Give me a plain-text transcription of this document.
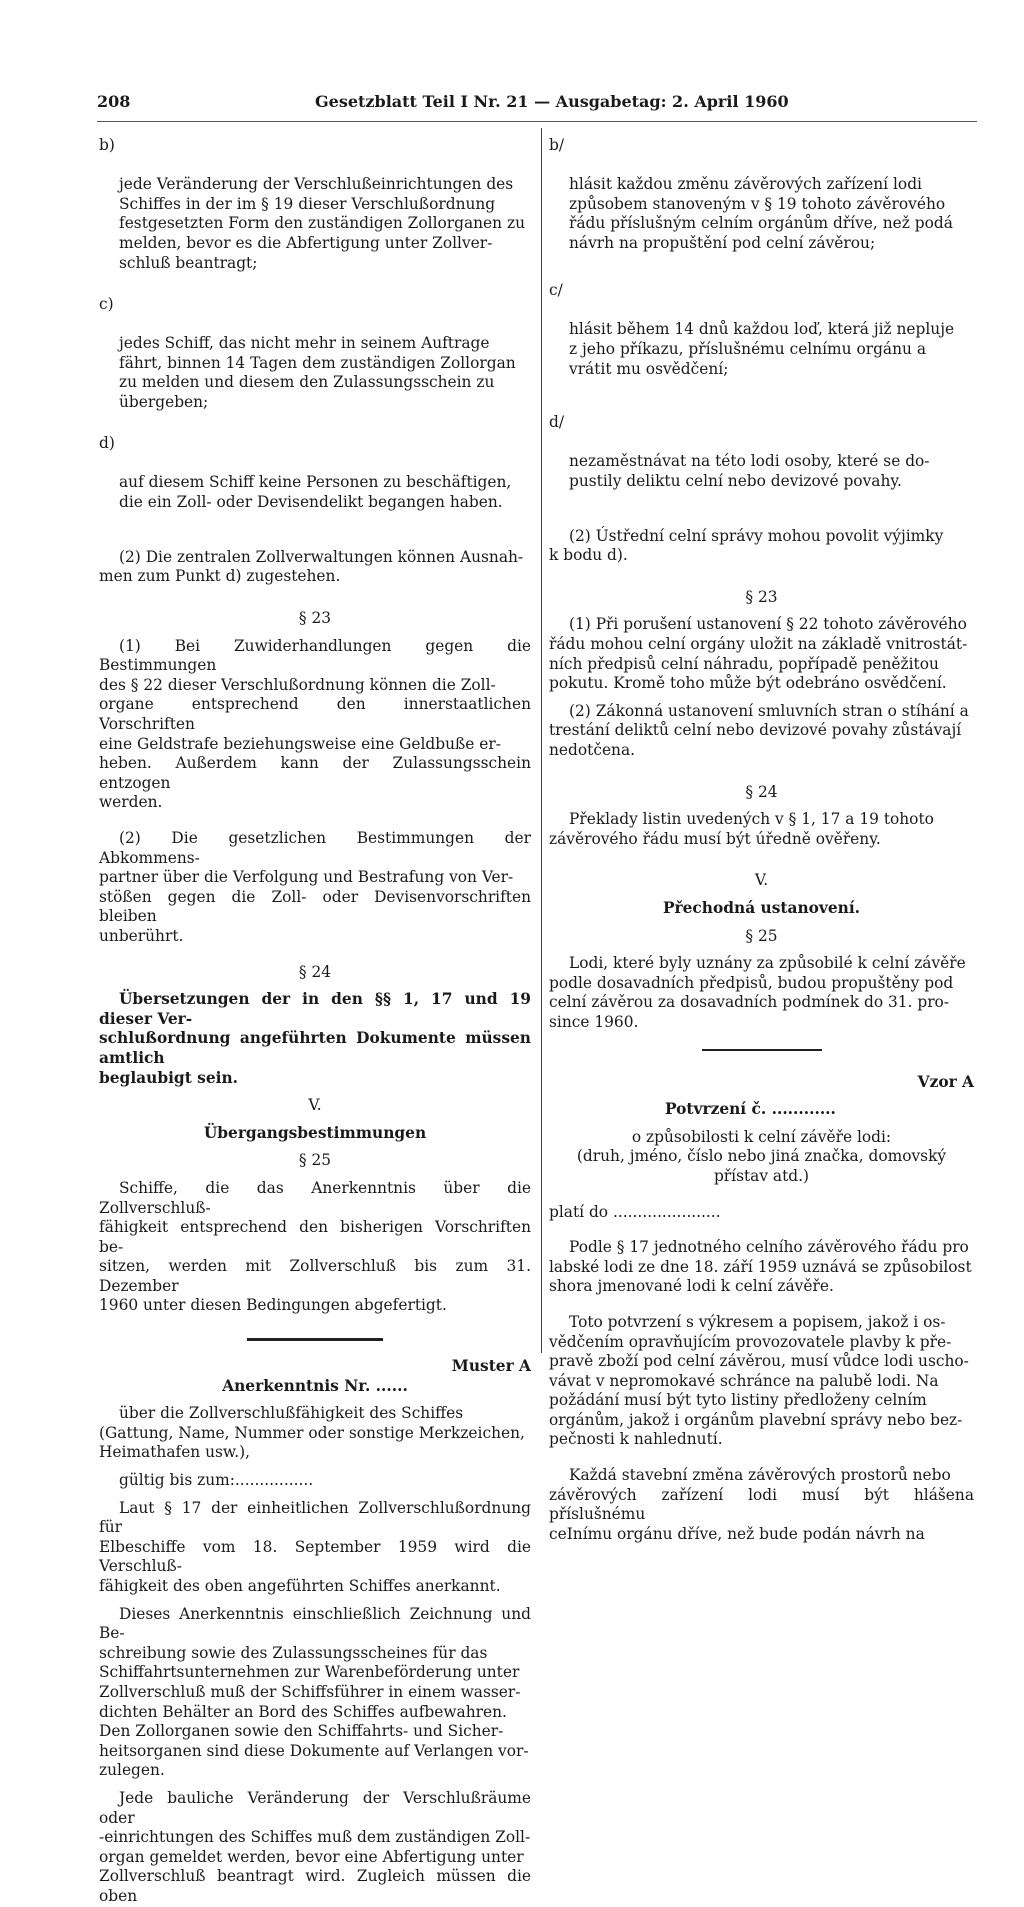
208	Gesetzblatt Teil I Nr. 21 — Ausgabetag: 2. April 1960

b)

jede Veränderung der Verschlußeinrichtungen des
Schiffes in der im § 19 dieser Verschlußordnung
festgesetzten Form den zuständigen Zollorganen zu
melden, bevor es die Abfertigung unter Zollver-
schluß beantragt;

c)

jedes Schiff, das nicht mehr in seinem Auftrage
fährt, binnen 14 Tagen dem zuständigen Zollorgan
zu melden und diesem den Zulassungsschein zu
übergeben;

d)

auf diesem Schiff keine Personen zu beschäftigen,
die ein Zoll- oder Devisendelikt begangen haben.

(2) Die zentralen Zollverwaltungen können Ausnah-
men zum Punkt d) zugestehen.

§ 23

(1) Bei Zuwiderhandlungen gegen die Bestimmungen
des § 22 dieser Verschlußordnung können die Zoll-
organe entsprechend den innerstaatlichen Vorschriften
eine Geldstrafe beziehungsweise eine Geldbuße er-
heben. Außerdem kann der Zulassungsschein entzogen
werden.

(2) Die gesetzlichen Bestimmungen der Abkommens-
partner über die Verfolgung und Bestrafung von Ver-
stößen gegen die Zoll- oder Devisenvorschriften bleiben
unberührt.

§ 24

Übersetzungen der in den §§ 1, 17 und 19 dieser Ver-
schlußordnung angeführten Dokumente müssen amtlich
beglaubigt sein.

V.

Übergangsbestimmungen

§ 25

Schiffe, die das Anerkenntnis über die Zollverschluß-
fähigkeit entsprechend den bisherigen Vorschriften be-
sitzen, werden mit Zollverschluß bis zum 31. Dezember
1960 unter diesen Bedingungen abgefertigt.

Muster A

Anerkenntnis Nr. ......

über die Zollverschlußfähigkeit des Schiffes
(Gattung, Name, Nummer oder sonstige Merkzeichen,
Heimathafen usw.),

gültig bis zum:................

Laut § 17 der einheitlichen Zollverschlußordnung für
Elbeschiffe vom 18. September 1959 wird die Verschluß-
fähigkeit des oben angeführten Schiffes anerkannt.

Dieses Anerkenntnis einschließlich Zeichnung und Be-
schreibung sowie des Zulassungsscheines für das
Schiffahrtsunternehmen zur Warenbeförderung unter
Zollverschluß muß der Schiffsführer in einem wasser-
dichten Behälter an Bord des Schiffes aufbewahren.
Den Zollorganen sowie den Schiffahrts- und Sicher-
heitsorganen sind diese Dokumente auf Verlangen vor-
zulegen.

Jede bauliche Veränderung der Verschlußräume oder
-einrichtungen des Schiffes muß dem zuständigen Zoll-
organ gemeldet werden, bevor eine Abfertigung unter
Zollverschluß beantragt wird. Zugleich müssen die oben

b/

hlásit každou změnu závěrových zařízení lodi
způsobem stanoveným v § 19 tohoto závěrového
řádu příslušným celním orgánům dříve, než podá
návrh na propuštění pod celní závěrou;

c/

hlásit během 14 dnů každou loď, která již nepluje
z jeho příkazu, příslušnému celnímu orgánu a
vrátit mu osvědčení;

d/

nezaměstnávat na této lodi osoby, které se do-
pustily deliktu celní nebo devizové povahy.

(2) Ústřední celní správy mohou povolit výjimky
k bodu d).

§ 23

(1) Při porušení ustanovení § 22 tohoto závěrového
řádu mohou celní orgány uložit na základě vnitrostát-
ních předpisů celní náhradu, popřípadě peněžitou
pokutu. Kromě toho může být odebráno osvědčení.

(2) Zákonná ustanovení smluvních stran o stíhání a
trestání deliktů celní nebo devizové povahy zůstávají
nedotčena.

§ 24

Překlady listin uvedených v § 1, 17 a 19 tohoto
závěrového řádu musí být úředně ověřeny.

V.

Přechodná ustanovení.

§ 25

Lodi, které byly uznány za způsobilé k celní závěře
podle dosavadních předpisů, budou propuštěny pod
celní závěrou za dosavadních podmínek do 31. pro-
since 1960.

Vzor A

Potvrzení č. ............

o způsobilosti k celní závěře lodi:
(druh, jméno, číslo nebo jiná značka, domovský
přístav atd.)

platí do ......................

Podle § 17 jednotného celního závěrového řádu pro
labské lodi ze dne 18. září 1959 uznává se způsobilost
shora jmenované lodi k celní závěře.

Toto potvrzení s výkresem a popisem, jakož i os-
vědčením opravňujícím provozovatele plavby k pře-
pravě zboží pod celní závěrou, musí vůdce lodi uscho-
vávat v nepromokavé schránce na palubě lodi. Na
požádání musí být tyto listiny předloženy celním
orgánům, jakož i orgánům plavební správy nebo bez-
pečnosti k nahlednutí.

Každá stavební změna závěrových prostorů nebo
závěrových zařízení lodi musí být hlášena příslušnému
ceInímu orgánu dříve, než bude podán návrh na
